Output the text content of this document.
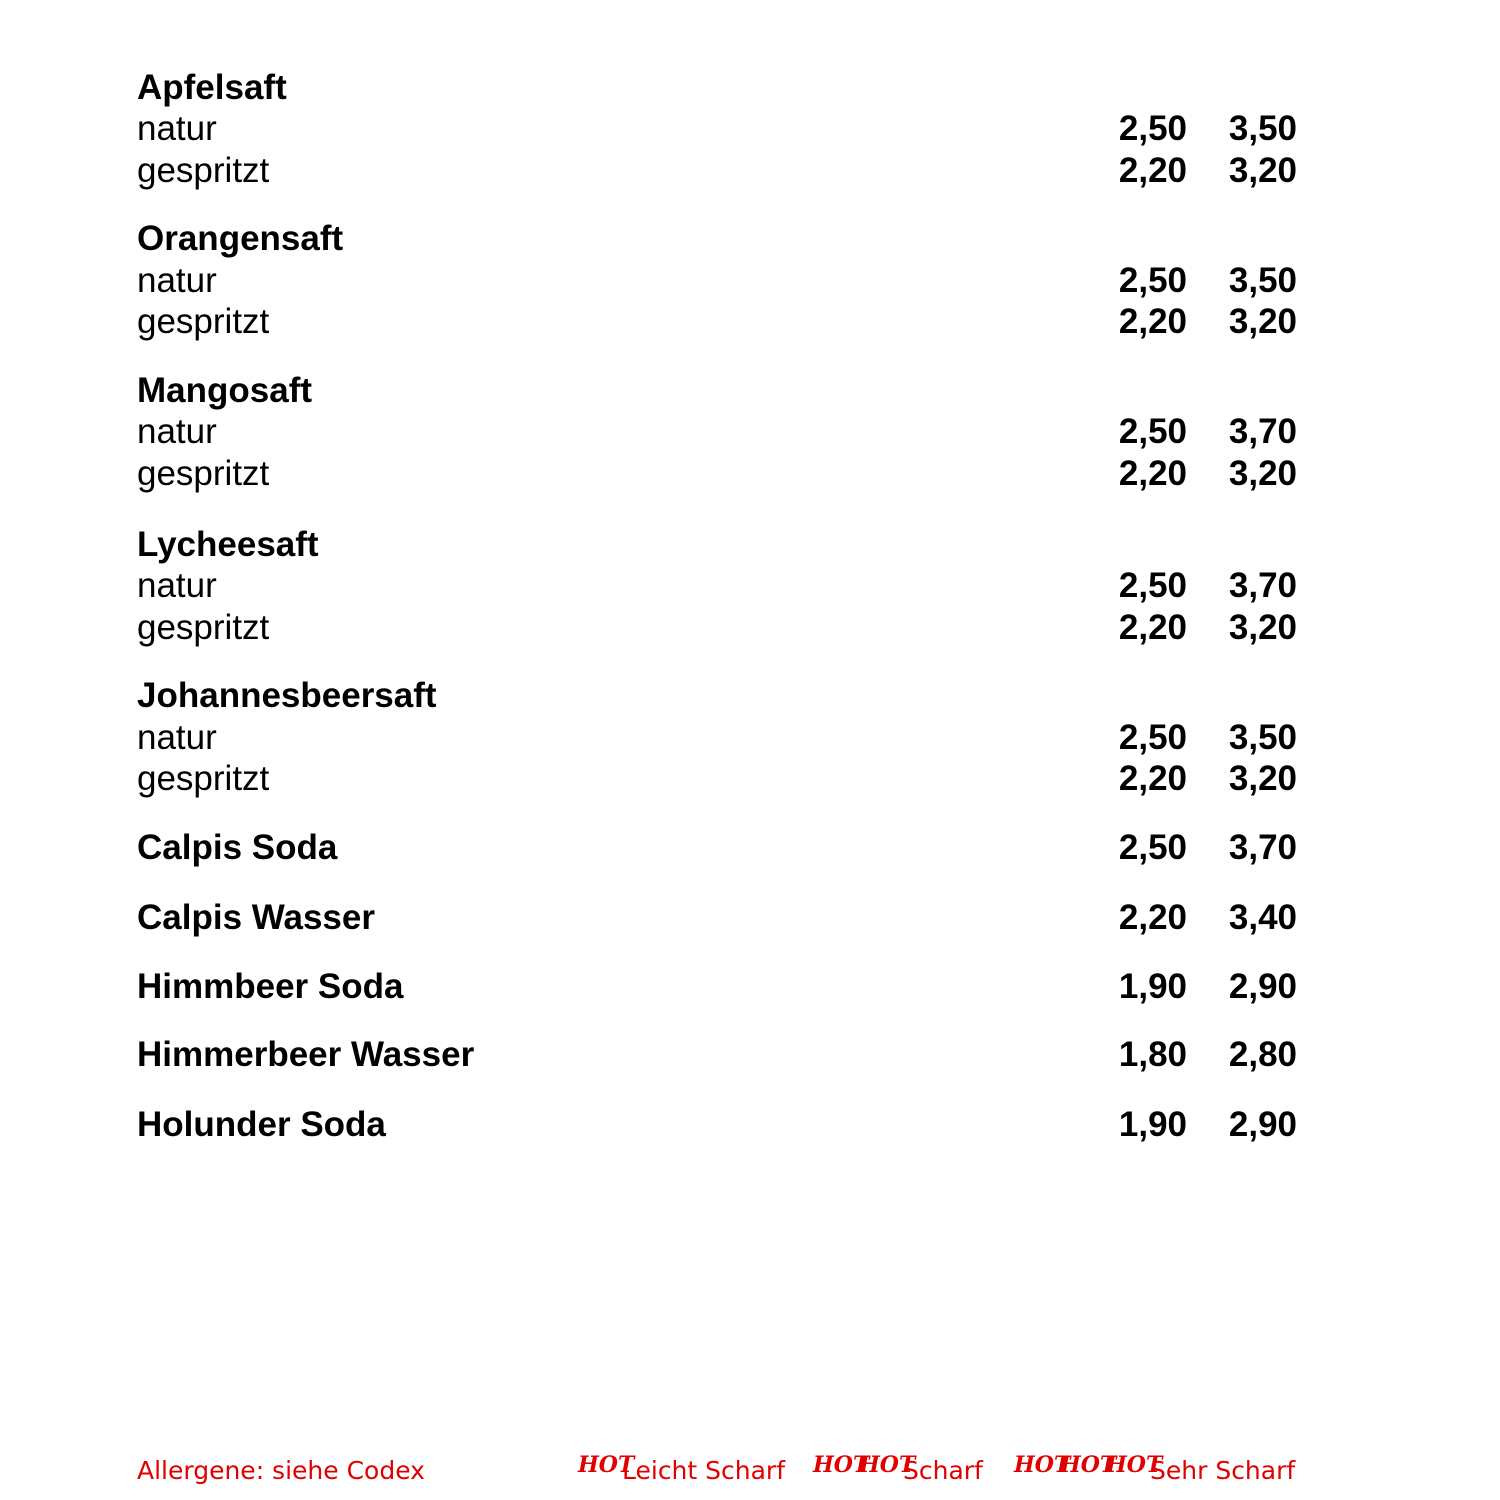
Apfelsaft
natur	2,50	3,50
gespritzt	2,20	3,20
Orangensaft
natur	2,50	3,50
gespritzt	2,20	3,20
Mangosaft
natur	2,50	3,70
gespritzt	2,20	3,20
Lycheesaft
natur	2,50	3,70
gespritzt	2,20	3,20
Johannesbeersaft
natur	2,50	3,50
gespritzt	2,20	3,20
Calpis Soda	2,50	3,70
Calpis Wasser	2,20	3,40
Himmbeer Soda	1,90	2,90
Himmerbeer Wasser	1,80	2,80
Holunder Soda	1,90	2,90
Allergene: siehe Codex	HOT
Leicht Scharf HOT
HOT
Scharf HOT
HOT
HOT
Sehr Scharf
